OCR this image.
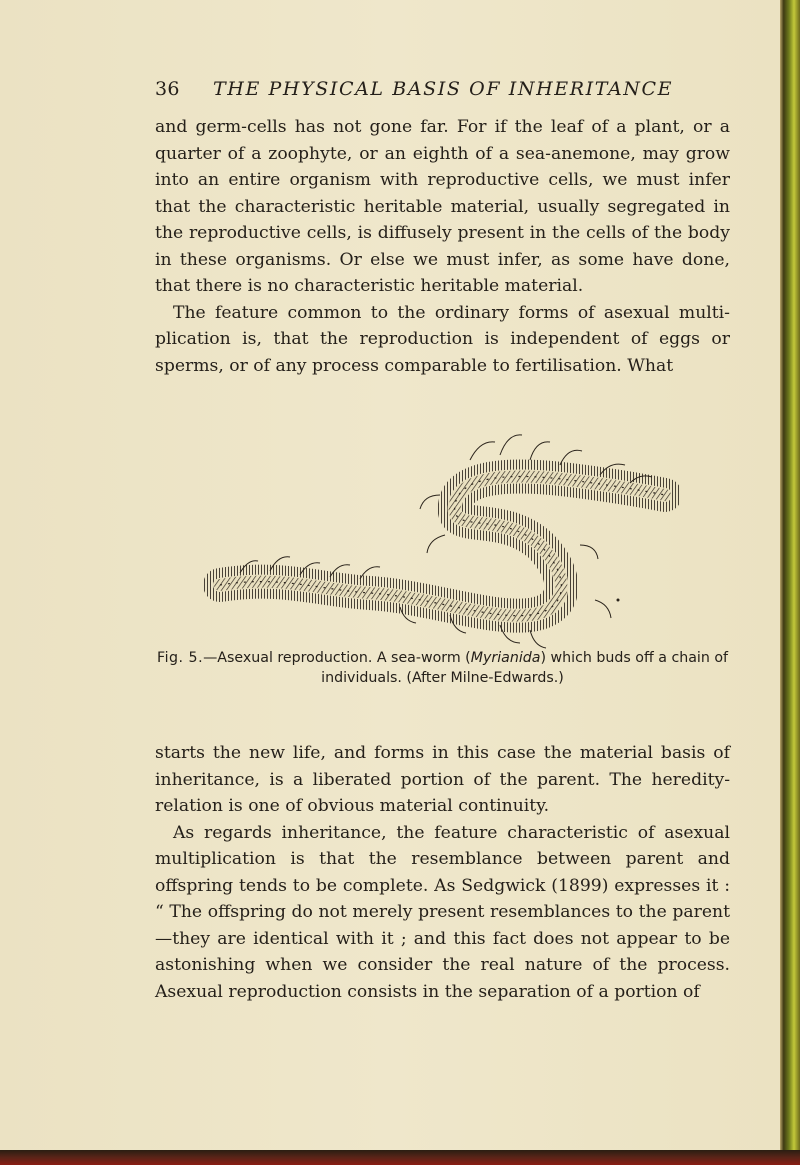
36 THE PHYSICAL BASIS OF INHERITANCE

and germ-cells has not gone far. For if the leaf of a plant, or a quarter of a zoophyte, or an eighth of a sea-anemone, may grow into an entire organism with reproductive cells, we must infer that the characteristic heritable material, usually segregated in the reproductive cells, is diffusely present in the cells of the body in these organisms. Or else we must infer, as some have done, that there is no characteristic heritable material.

The feature common to the ordinary forms of asexual multi-plication is, that the reproduction is independent of eggs or sperms, or of any process comparable to fertilisation. What

Fig. 5.—Asexual reproduction. A sea-worm (Myrianida) which buds off a chain of individuals. (After Milne-Edwards.)

starts the new life, and forms in this case the material basis of inheritance, is a liberated portion of the parent. The heredity-relation is one of obvious material continuity.

As regards inheritance, the feature characteristic of asexual multiplication is that the resemblance between parent and offspring tends to be complete. As Sedgwick (1899) expresses it : “ The offspring do not merely present resemblances to the parent—they are identical with it ; and this fact does not appear to be astonishing when we consider the real nature of the process. Asexual reproduction consists in the separation of a portion of
